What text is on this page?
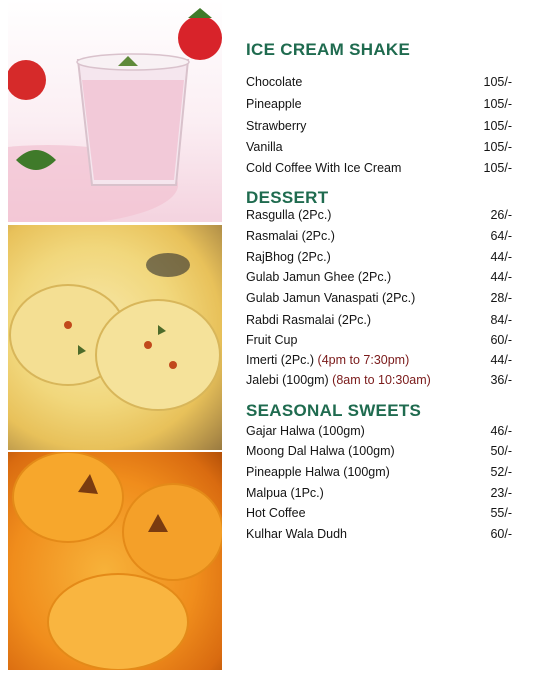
ICE CREAM SHAKE
Chocolate	105/-
Pineapple	105/-
Strawberry	105/-
Vanilla	105/-
Cold Coffee With Ice Cream	105/-
DESSERT
Rasgulla (2Pc.)	26/-
Rasmalai (2Pc.)	64/-
RajBhog (2Pc.)	44/-
Gulab Jamun Ghee (2Pc.)	44/-
Gulab Jamun Vanaspati (2Pc.)	28/-
Rabdi Rasmalai (2Pc.)	84/-
Fruit Cup	60/-
Imerti (2Pc.) (4pm to 7:30pm)	44/-
Jalebi (100gm) (8am to 10:30am)	36/-
SEASONAL SWEETS
Gajar Halwa (100gm)	46/-
Moong Dal Halwa (100gm)	50/-
Pineapple Halwa (100gm)	52/-
Malpua (1Pc.)	23/-
Hot Coffee	55/-
Kulhar Wala Dudh	60/-
